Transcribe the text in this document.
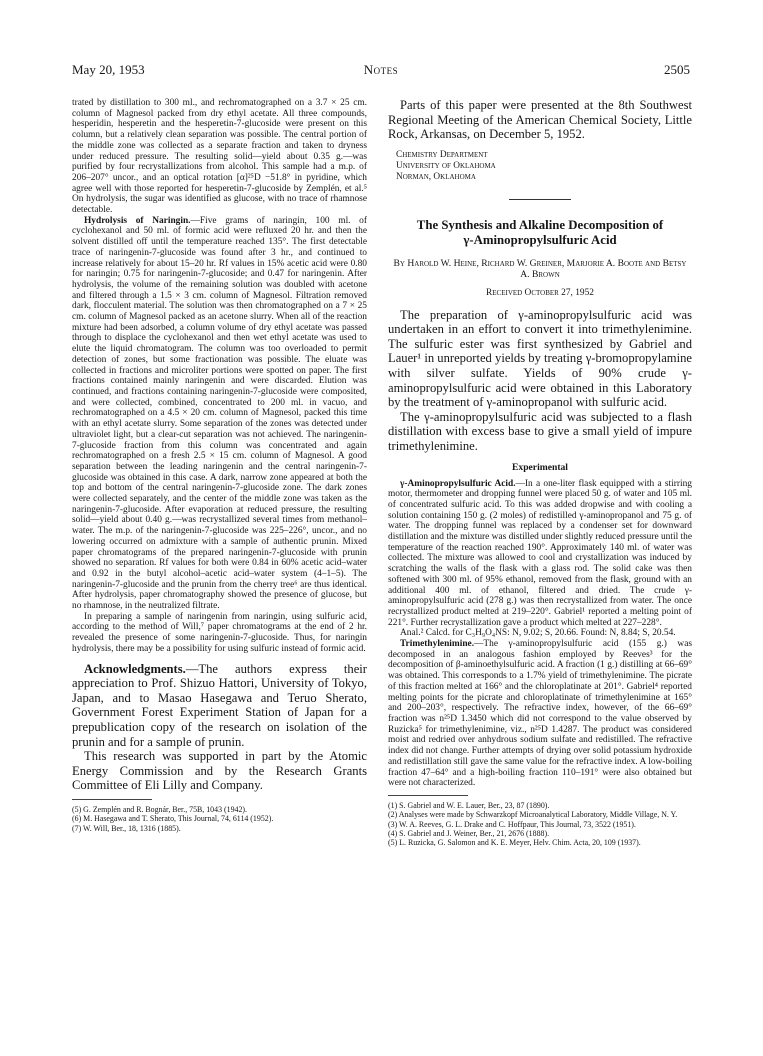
May 20, 1953	Notes	2505

trated by distillation to 300 ml., and rechromatographed on a 3.7 × 25 cm. column of Magnesol packed from dry ethyl acetate. All three compounds, hesperidin, hesperetin and the hesperetin-7-glucoside were present on this column, but a relatively clean separation was possible. The central portion of the middle zone was collected as a separate fraction and taken to dryness under reduced pressure. The resulting solid—yield about 0.35 g.—was purified by four recrystallizations from alcohol. This sample had a m.p. of 206–207° uncor., and an optical rotation [α]²⁵D −51.8° in pyridine, which agree well with those reported for hesperetin-7-glucoside by Zemplén, et al.⁵ On hydrolysis, the sugar was identified as glucose, with no trace of rhamnose detectable.

Hydrolysis of Naringin.—Five grams of naringin, 100 ml. of cyclohexanol and 50 ml. of formic acid were refluxed 20 hr. and then the solvent distilled off until the temperature reached 135°. The first detectable trace of naringenin-7-glucoside was found after 3 hr., and continued to increase relatively for about 15–20 hr. Rf values in 15% acetic acid were 0.80 for naringin; 0.75 for naringenin-7-glucoside; and 0.47 for naringenin. After hydrolysis, the volume of the remaining solution was doubled with acetone and filtered through a 1.5 × 3 cm. column of Magnesol. Filtration removed dark, flocculent material. The solution was then chromatographed on a 7 × 25 cm. column of Magnesol packed as an acetone slurry. When all of the reaction mixture had been adsorbed, a column volume of dry ethyl acetate was passed through to displace the cyclohexanol and then wet ethyl acetate was used to elute the liquid chromatogram. The column was too overloaded to permit detection of zones, but some fractionation was possible. The eluate was collected in fractions and microliter portions were spotted on paper. The first fractions contained mainly naringenin and were discarded. Elution was continued, and fractions containing naringenin-7-glucoside were composited, and were collected, combined, concentrated to 200 ml. in vacuo, and rechromatographed on a 4.5 × 20 cm. column of Magnesol, packed this time with an ethyl acetate slurry. Some separation of the zones was detected under ultraviolet light, but a clear-cut separation was not achieved. The naringenin-7-glucoside fraction from this column was concentrated and again rechromatographed on a fresh 2.5 × 15 cm. column of Magnesol. A good separation between the leading naringenin and the central naringenin-7-glucoside was obtained in this case. A dark, narrow zone appeared at both the top and bottom of the central naringenin-7-glucoside zone. The dark zones were collected separately, and the center of the middle zone was taken as the naringenin-7-glucoside. After evaporation at reduced pressure, the resulting solid—yield about 0.40 g.—was recrystallized several times from methanol–water. The m.p. of the naringenin-7-glucoside was 225–226°, uncor., and no lowering occurred on admixture with a sample of authentic prunin. Mixed paper chromatograms of the prepared naringenin-7-glucoside with prunin showed no separation. Rf values for both were 0.84 in 60% acetic acid–water and 0.92 in the butyl alcohol–acetic acid–water system (4–1–5). The naringenin-7-glucoside and the prunin from the cherry tree⁶ are thus identical. After hydrolysis, paper chromatography showed the presence of glucose, but no rhamnose, in the neutralized filtrate.

In preparing a sample of naringenin from naringin, using sulfuric acid, according to the method of Will,⁷ paper chromatograms at the end of 2 hr. revealed the presence of some naringenin-7-glucoside. Thus, for naringin hydrolysis, there may be a possibility for using sulfuric instead of formic acid.

Acknowledgments.—The authors express their appreciation to Prof. Shizuo Hattori, University of Tokyo, Japan, and to Masao Hasegawa and Teruo Sherato, Government Forest Experiment Station of Japan for a prepublication copy of the research on isolation of the prunin and for a sample of prunin.

This research was supported in part by the Atomic Energy Commission and by the Research Grants Committee of Eli Lilly and Company.

(5) G. Zemplén and R. Bognár, Ber., 75B, 1043 (1942).

(6) M. Hasegawa and T. Sherato, This Journal, 74, 6114 (1952).

(7) W. Will, Ber., 18, 1316 (1885).

Parts of this paper were presented at the 8th Southwest Regional Meeting of the American Chemical Society, Little Rock, Arkansas, on December 5, 1952.

Chemistry Department
University of Oklahoma
Norman, Oklahoma
The Synthesis and Alkaline Decomposition of
γ-Aminopropylsulfuric Acid
By Harold W. Heine, Richard W. Greiner, Marjorie A. Boote and Betsy A. Brown
Received October 27, 1952

The preparation of γ-aminopropylsulfuric acid was undertaken in an effort to convert it into trimethylenimine. The sulfuric ester was first synthesized by Gabriel and Lauer¹ in unreported yields by treating γ-bromopropylamine with silver sulfate. Yields of 90% crude γ-aminopropylsulfuric acid were obtained in this Laboratory by the treatment of γ-aminopropanol with sulfuric acid.

The γ-aminopropylsulfuric acid was subjected to a flash distillation with excess base to give a small yield of impure trimethylenimine.

Experimental

γ-Aminopropylsulfuric Acid.—In a one-liter flask equipped with a stirring motor, thermometer and dropping funnel were placed 50 g. of water and 105 ml. of concentrated sulfuric acid. To this was added dropwise and with cooling a solution containing 150 g. (2 moles) of redistilled γ-aminopropanol and 75 g. of water. The dropping funnel was replaced by a condenser set for downward distillation and the mixture was distilled under slightly reduced pressure until the temperature of the reaction reached 190°. Approximately 140 ml. of water was collected. The mixture was allowed to cool and crystallization was induced by scratching the walls of the flask with a glass rod. The solid cake was then softened with 300 ml. of 95% ethanol, removed from the flask, ground with an additional 400 ml. of ethanol, filtered and dried. The crude γ-aminopropylsulfuric acid (278 g.) was then recrystallized from water. The once recrystallized product melted at 219–220°. Gabriel¹ reported a melting point of 221°. Further recrystallization gave a product which melted at 227–228°.

Anal.² Calcd. for C₃H₉O₄NS: N, 9.02; S, 20.66. Found: N, 8.84; S, 20.54.

Trimethylenimine.—The γ-aminopropylsulfuric acid (155 g.) was decomposed in an analogous fashion employed by Reeves³ for the decomposition of β-aminoethylsulfuric acid. A fraction (1 g.) distilling at 66–69° was obtained. This corresponds to a 1.7% yield of trimethylenimine. The picrate of this fraction melted at 166° and the chloroplatinate at 201°. Gabriel⁴ reported melting points for the picrate and chloroplatinate of trimethylenimine at 165° and 200–203°, respectively. The refractive index, however, of the 66–69° fraction was n²⁵D 1.3450 which did not correspond to the value observed by Ruzicka⁵ for trimethylenimine, viz., n²⁵D 1.4287. The product was considered moist and redried over anhydrous sodium sulfate and redistilled. The refractive index did not change. Further attempts of drying over solid potassium hydroxide and redistillation still gave the same value for the refractive index. A low-boiling fraction 47–64° and a high-boiling fraction 110–191° were also obtained but were not characterized.

(1) S. Gabriel and W. E. Lauer, Ber., 23, 87 (1890).

(2) Analyses were made by Schwarzkopf Microanalytical Laboratory, Middle Village, N. Y.

(3) W. A. Reeves, G. L. Drake and C. Hoffpaur, This Journal, 73, 3522 (1951).

(4) S. Gabriel and J. Weiner, Ber., 21, 2676 (1888).

(5) L. Ruzicka, G. Salomon and K. E. Meyer, Helv. Chim. Acta, 20, 109 (1937).
